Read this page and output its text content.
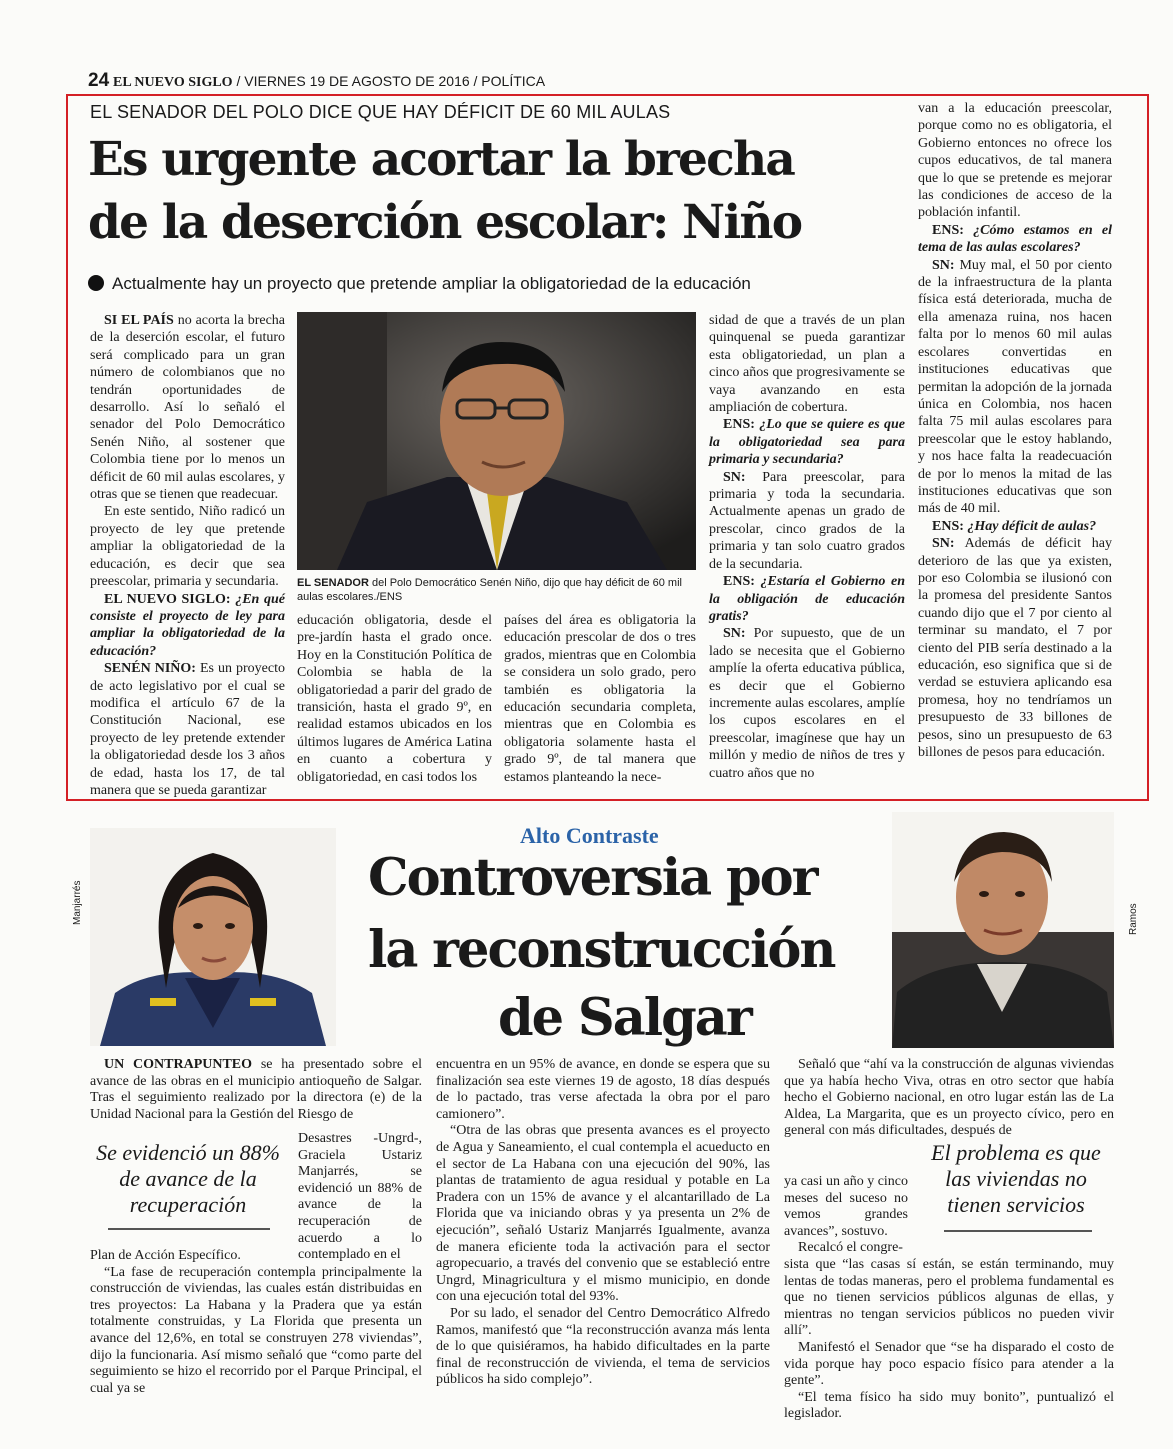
24 EL NUEVO SIGLO / VIERNES 19 DE AGOSTO DE 2016 / POLÍTICA
EL SENADOR DEL POLO DICE QUE HAY DÉFICIT DE 60 MIL AULAS
Es urgente acortar la brecha
de la deserción escolar: Niño
Actualmente hay un proyecto que pretende ampliar la obligatoriedad de la educación

SI EL PAÍS no acorta la brecha de la deserción escolar, el futuro será complicado para un gran número de colombianos que no tendrán oportunidades de desarrollo. Así lo señaló el senador del Polo Democrático Senén Niño, al sostener que Colombia tiene por lo menos un déficit de 60 mil aulas escolares, y otras que se tienen que readecuar.

En este sentido, Niño radicó un proyecto de ley que pretende ampliar la obligatoriedad de la educación, es decir que sea preescolar, primaria y secundaria.

EL NUEVO SIGLO: ¿En qué consiste el proyecto de ley para ampliar la obligatoriedad de la educación?

SENÉN NIÑO: Es un proyecto de acto legislativo por el cual se modifica el artículo 67 de la Constitución Nacional, ese proyecto de ley pretende extender la obligatoriedad desde los 3 años de edad, hasta los 17, de tal manera que se pueda garantizar

EL SENADOR del Polo Democrático Senén Niño, dijo que hay déficit de 60 mil aulas escolares./ENS

educación obligatoria, desde el pre-jardín hasta el grado once. Hoy en la Constitución Política de Colombia se habla de la obligatoriedad a parir del grado de transición, hasta el grado 9º, en realidad estamos ubicados en los últimos lugares de América Latina en cuanto a cobertura y obligatoriedad, en casi todos los

países del área es obligatoria la educación prescolar de dos o tres grados, mientras que en Colombia se considera un solo grado, pero también es obligatoria la educación secundaria completa, mientras que en Colombia es obligatoria solamente hasta el grado 9º, de tal manera que estamos planteando la nece-

sidad de que a través de un plan quinquenal se pueda garantizar esta obligatoriedad, un plan a cinco años que progresivamente se vaya avanzando en esta ampliación de cobertura.

ENS: ¿Lo que se quiere es que la obligatoriedad sea para primaria y secundaria?

SN: Para preescolar, para primaria y toda la secundaria. Actualmente apenas un grado de prescolar, cinco grados de la primaria y tan solo cuatro grados de la secundaria.

ENS: ¿Estaría el Gobierno en la obligación de educación gratis?

SN: Por supuesto, que de un lado se necesita que el Gobierno amplíe la oferta educativa pública, es decir que el Gobierno incremente aulas escolares, amplíe los cupos escolares en el preescolar, imagínese que hay un millón y medio de niños de tres y cuatro años que no

van a la educación preescolar, porque como no es obligatoria, el Gobierno entonces no ofrece los cupos educativos, de tal manera que lo que se pretende es mejorar las condiciones de acceso de la población infantil.

ENS: ¿Cómo estamos en el tema de las aulas escolares?

SN: Muy mal, el 50 por ciento de la infraestructura de la planta física está deteriorada, mucha de ella amenaza ruina, nos hacen falta por lo menos 60 mil aulas escolares convertidas en instituciones educativas que permitan la adopción de la jornada única en Colombia, nos hacen falta 75 mil aulas escolares para preescolar que le estoy hablando, y nos hace falta la readecuación de por lo menos la mitad de las instituciones educativas que son más de 40 mil.

ENS: ¿Hay déficit de aulas?

SN: Además de déficit hay deterioro de las que ya existen, por eso Colombia se ilusionó con la promesa del presidente Santos cuando dijo que el 7 por ciento al terminar su mandato, el 7 por ciento del PIB sería destinado a la educación, eso significa que si de verdad se estuviera aplicando esa promesa, hoy no tendríamos un presupuesto de 33 billones de pesos, sino un presupuesto de 63 billones de pesos para educación.

Alto Contraste
Controversia por
la reconstrucción
de Salgar
Manjarrés	Ramos

UN CONTRAPUNTEO se ha presentado sobre el avance de las obras en el municipio antioqueño de Salgar. Tras el seguimiento realizado por la directora (e) de la Unidad Nacional para la Gestión del Riesgo de

Se evidenció un 88% de avance de la recuperación

Desastres -Ungrd-, Graciela Ustariz Manjarrés, se evidenció un 88% de avance de la recuperación de acuerdo a lo contemplado en el

Plan de Acción Específico.

“La fase de recuperación contempla principalmente la construcción de viviendas, las cuales están distribuidas en tres proyectos: La Habana y la Pradera que ya están totalmente construidas, y La Florida que presenta un avance del 12,6%, en total se construyen 278 viviendas”, dijo la funcionaria. Así mismo señaló que “como parte del seguimiento se hizo el recorrido por el Parque Principal, el cual ya se

encuentra en un 95% de avance, en donde se espera que su finalización sea este viernes 19 de agosto, 18 días después de lo pactado, tras verse afectada la obra por el paro camionero”.

“Otra de las obras que presenta avances es el proyecto de Agua y Saneamiento, el cual contempla el acueducto en el sector de La Habana con una ejecución del 90%, las plantas de tratamiento de agua residual y potable en La Pradera con un 15% de avance y el alcantarillado de La Florida que va iniciando obras y ya presenta un 2% de ejecución”, señaló Ustariz Manjarrés Igualmente, avanza de manera eficiente toda la activación para el sector agropecuario, a través del convenio que se estableció entre Ungrd, Minagricultura y el mismo municipio, en donde con una ejecución total del 93%.

Por su lado, el senador del Centro Democrático Alfredo Ramos, manifestó que “la reconstrucción avanza más lenta de lo que quisiéramos, ha habido dificultades en la parte final de reconstrucción de vivienda, el tema de servicios públicos ha sido complejo”.

Señaló que “ahí va la construcción de algunas viviendas que ya había hecho Viva, otras en otro sector que había hecho el Gobierno nacional, en otro lugar están las de La Aldea, La Margarita, que es un proyecto cívico, pero en general con más dificultades, después de

ya casi un año y cinco meses del suceso no vemos grandes avances”, sostuvo.

Recalcó el congre-

El problema es que las viviendas no tienen servicios

sista que “las casas sí están, se están terminando, muy lentas de todas maneras, pero el problema fundamental es que no tienen servicios públicos algunas de ellas, y mientras no tengan servicios públicos no pueden vivir allí”.

Manifestó el Senador que “se ha disparado el costo de vida porque hay poco espacio físico para atender a la gente”.

“El tema físico ha sido muy bonito”, puntualizó el legislador.
